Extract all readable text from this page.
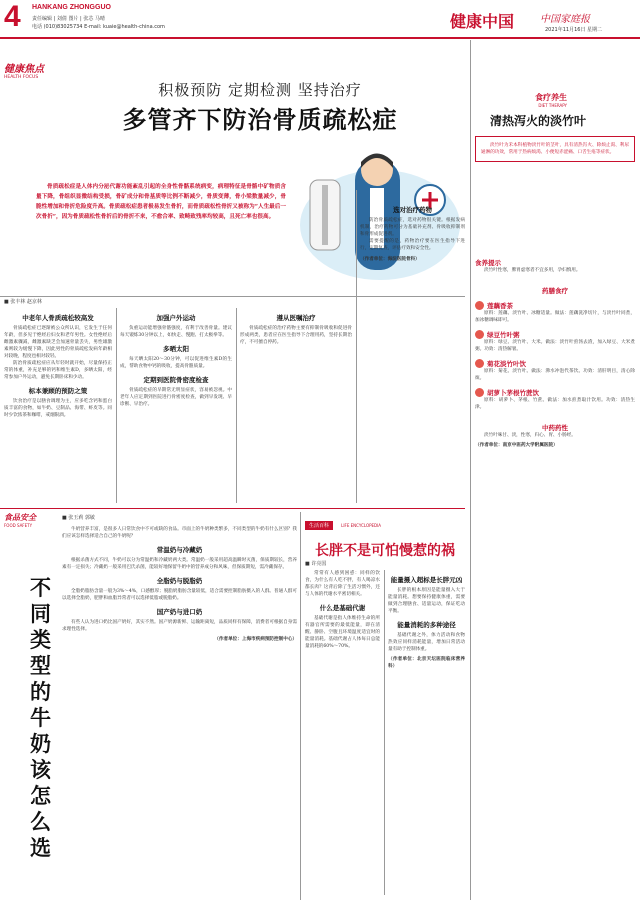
4 HANKANG ZHONGGUO
责任编辑 | 刘倩 图片 | 张芯 马晴
电话 (010)83025734 E-mail: kuaie@health-china.com	健康中国	中国家庭报
2021年11月16日 星期二
健康焦点
HEALTH FOCUS
积极预防 定期检测 坚持治疗
多管齐下防治骨质疏松症
骨质疏松症是人体内分泌代谢功能紊乱引起的全身性骨骼系统病变，病理特征是骨骼中矿物质含量下降，骨组织显微结构受损，骨矿成分和骨基质等比例不断减少，骨质变薄，骨小梁数量减少，骨脆性增加和骨折危险度升高。骨质疏松症患者极易发生骨折，而骨质疏松性骨折又被称为“人生最后一次骨折”，因为骨质疏松性骨折后的骨折不来，不愈合率、致畸致残率均较高，且死亡率也很高。
■ 张丰林 赵京林
中老年人骨质疏松较高发
骨质疏松症已逐渐被公众所认识，它发生于任何年龄，但多见于绝经后妇女和老年男性。女性绝经后雌激素骤减，雌激素缺乏会加速骨量丢失，男性雄激素则较为缓慢下降，因此男性的骨质疏松发病年龄相对较晚，程度也相对较轻。
防治骨质疏松症应从年轻时就开始，尽量保持正常的体重，补充足够的钙和维生素D，多晒太阳，经常参加户外运动，避免长期卧床和少动。
标本兼顾的预防之策
饮食治疗是以膳食调理为主，应多吃含钙和蛋白质丰富的食物，如牛奶、豆制品、海带、虾皮等。同时少饮浓茶和咖啡，戒烟限酒。
加强户外运动
负重运动能增强骨骼强度，有利于改善骨量。建议每天锻炼30分钟以上，如快走、慢跑、打太极拳等。
多晒太阳
每天晒太阳20～30分钟，可以促进维生素D的生成，帮助食物中钙的吸收，提高骨骼质量。
定期到医院骨密度检查
骨质疏松症的早期常无明显症状，容易被忽视。中老年人应定期到医院进行骨密度检查，做到早发现、早诊断、早治疗。
遵从医嘱治疗
骨质疏松症的治疗药物主要有抑制骨吸收和促进骨形成两类，患者应在医生指导下合理用药，坚持长期治疗，不可擅自停药。
选对治疗药物
防治骨质疏松症，选对药物很关键。根据发病机制，治疗药物可分为基础补充剂、骨吸收抑制剂和骨形成促进剂。
需要提醒的是，药物治疗要在医生指导下进行，定期复查，评估疗效和安全性。
（作者单位：海淀医院骨科）
食品安全
FOOD SAFETY
不同类型的牛奶该怎么选
■ 张玉莉 郭敏
牛奶营养丰富，是很多人日常饮食中不可或缺的食品。市面上的牛奶种类繁多，不同类型的牛奶有什么区别？我们应该怎样选择适合自己的牛奶呢？
常温奶与冷藏奶
根据杀菌方式不同，牛奶可以分为常温奶和冷藏奶两大类。常温奶一般采用超高温瞬时灭菌，保质期较长，营养素有一定损失；冷藏奶一般采用巴氏杀菌，能较好地保留牛奶中的营养成分和风味，但保质期短，需冷藏保存。
全脂奶与脱脂奶
全脂奶脂肪含量一般为3%～4%，口感醇厚；脱脂奶脂肪含量较低，适合需要控制脂肪摄入的人群。普通人群可以选择全脂奶，肥胖和血脂异常者可以选择低脂或脱脂奶。
国产奶与进口奶
有些人认为进口奶比国产奶好，其实不然。国产奶源新鲜、运输距离短，品质同样有保障，消费者可根据自身需求理性选择。
（作者单位：上海市疾病预防控制中心）
生活百科	LIFE ENCYCLOPEDIA
长胖不是可怕慢惹的祸
■ 许亮国
常常有人感到困惑：同样的饮食，为什么有人吃不胖，有人喝凉水都长肉？这背后除了生活习惯外，还与人体的代谢水平密切相关。
什么是基础代谢
基础代谢是指人体维持生命的所有器官所需要的最低能量，即在清醒、静卧、空腹且环境温度适宜时的能量消耗。基础代谢占人体每日总能量消耗的60%～70%。
能量摄入超标是长胖元凶
长胖的根本原因是能量摄入大于能量消耗。想要保持健康体重，需要做到合理膳食、适量运动，保证吃动平衡。
能量消耗的多种途径
基础代谢之外，体力活动和食物热效应同样消耗能量，增加日常活动量有助于控制体重。
（作者单位：北京天坛医院临床营养科）
食疗养生
DIET THERAPY
清热泻火的淡竹叶
淡竹叶为禾本科植物淡竹叶的茎叶，具有清热泻火、除烦止渴、利尿通淋的功效，常用于热病烦渴、小便短赤涩痛、口舌生疮等症状。
食养提示
淡竹叶性寒，脾胃虚寒者不宜多用，孕妇慎用。
药膳食疗
莲藕香茶
原料：莲藕、淡竹叶、冰糖适量。做法：莲藕洗净切片，与淡竹叶同煮，加冰糖调味即可。
绿豆竹叶粥
原料：绿豆、淡竹叶、大米。做法：淡竹叶煎汤去渣，加入绿豆、大米煮粥。功效：清热解暑。
菊花淡竹叶饮
原料：菊花、淡竹叶。做法：沸水冲泡代茶饮。功效：清肝明目，清心除烦。
胡萝卜茅根竹蔗饮
原料：胡萝卜、茅根、竹蔗。做法：加水煎煮取汁饮用。功效：清热生津。
中药药性
淡竹叶味甘、淡，性寒，归心、胃、小肠经。
（作者单位：南京中医药大学附属医院）
